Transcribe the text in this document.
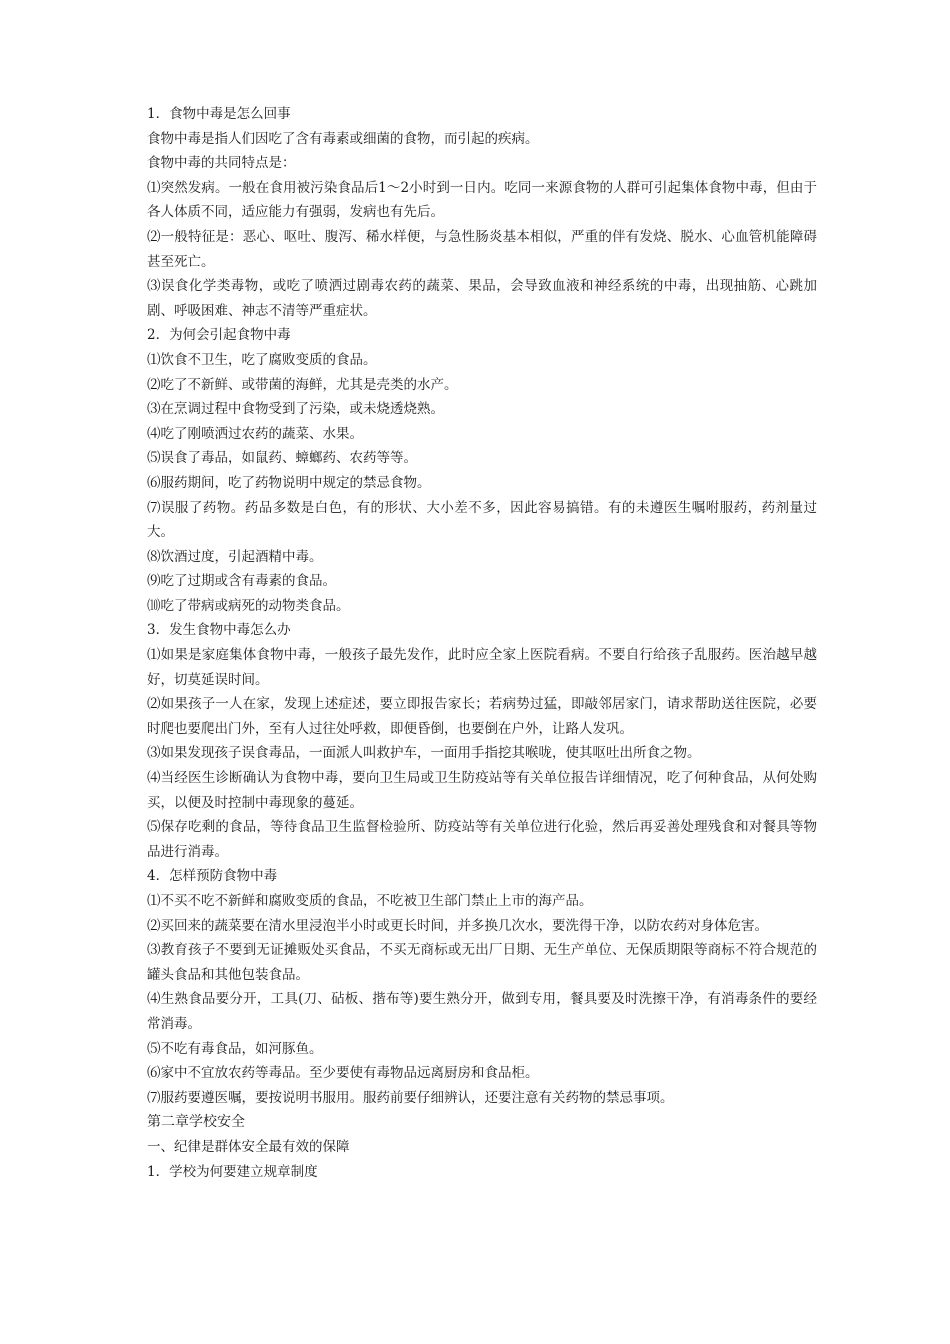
1．食物中毒是怎么回事

食物中毒是指人们因吃了含有毒素或细菌的食物，而引起的疾病。

食物中毒的共同特点是：

⑴突然发病。一般在食用被污染食品后1～2小时到一日内。吃同一来源食物的人群可引起集体食物中毒，但由于各人体质不同，适应能力有强弱，发病也有先后。

⑵一般特征是：恶心、呕吐、腹泻、稀水样便，与急性肠炎基本相似，严重的伴有发烧、脱水、心血管机能障碍甚至死亡。

⑶误食化学类毒物，或吃了喷洒过剧毒农药的蔬菜、果品，会导致血液和神经系统的中毒，出现抽筋、心跳加剧、呼吸困难、神志不清等严重症状。

2．为何会引起食物中毒

⑴饮食不卫生，吃了腐败变质的食品。

⑵吃了不新鲜、或带菌的海鲜，尤其是壳类的水产。

⑶在烹调过程中食物受到了污染，或未烧透烧熟。

⑷吃了刚喷洒过农药的蔬菜、水果。

⑸误食了毒品，如鼠药、蟑螂药、农药等等。

⑹服药期间，吃了药物说明中规定的禁忌食物。

⑺误服了药物。药品多数是白色，有的形状、大小差不多，因此容易搞错。有的未遵医生嘱咐服药，药剂量过大。

⑻饮酒过度，引起酒精中毒。

⑼吃了过期或含有毒素的食品。

⑽吃了带病或病死的动物类食品。

3．发生食物中毒怎么办

⑴如果是家庭集体食物中毒，一般孩子最先发作，此时应全家上医院看病。不要自行给孩子乱服药。医治越早越好，切莫延误时间。

⑵如果孩子一人在家，发现上述症述，要立即报告家长；若病势过猛，即敲邻居家门，请求帮助送往医院，必要时爬也要爬出门外，至有人过往处呼救，即便昏倒，也要倒在户外，让路人发巩。

⑶如果发现孩子误食毒品，一面派人叫救护车，一面用手指挖其喉咙，使其呕吐出所食之物。

⑷当经医生诊断确认为食物中毒，要向卫生局或卫生防疫站等有关单位报告详细情况，吃了何种食品，从何处购买，以便及时控制中毒现象的蔓延。

⑸保存吃剩的食品，等待食品卫生监督检验所、防疫站等有关单位进行化验，然后再妥善处理残食和对餐具等物品进行消毒。

4．怎样预防食物中毒

⑴不买不吃不新鲜和腐败变质的食品，不吃被卫生部门禁止上市的海产品。

⑵买回来的蔬菜要在清水里浸泡半小时或更长时间，并多换几次水，要洗得干净，以防农药对身体危害。

⑶教育孩子不要到无证摊贩处买食品，不买无商标或无出厂日期、无生产单位、无保质期限等商标不符合规范的罐头食品和其他包装食品。

⑷生熟食品要分开，工具(刀、砧板、揩布等)要生熟分开，做到专用，餐具要及时洗擦干净，有消毒条件的要经常消毒。

⑸不吃有毒食品，如河豚鱼。

⑹家中不宜放农药等毒品。至少要使有毒物品远离厨房和食品柜。

⑺服药要遵医嘱，要按说明书服用。服药前要仔细辨认，还要注意有关药物的禁忌事项。

第二章学校安全

一、纪律是群体安全最有效的保障

1．学校为何要建立规章制度
